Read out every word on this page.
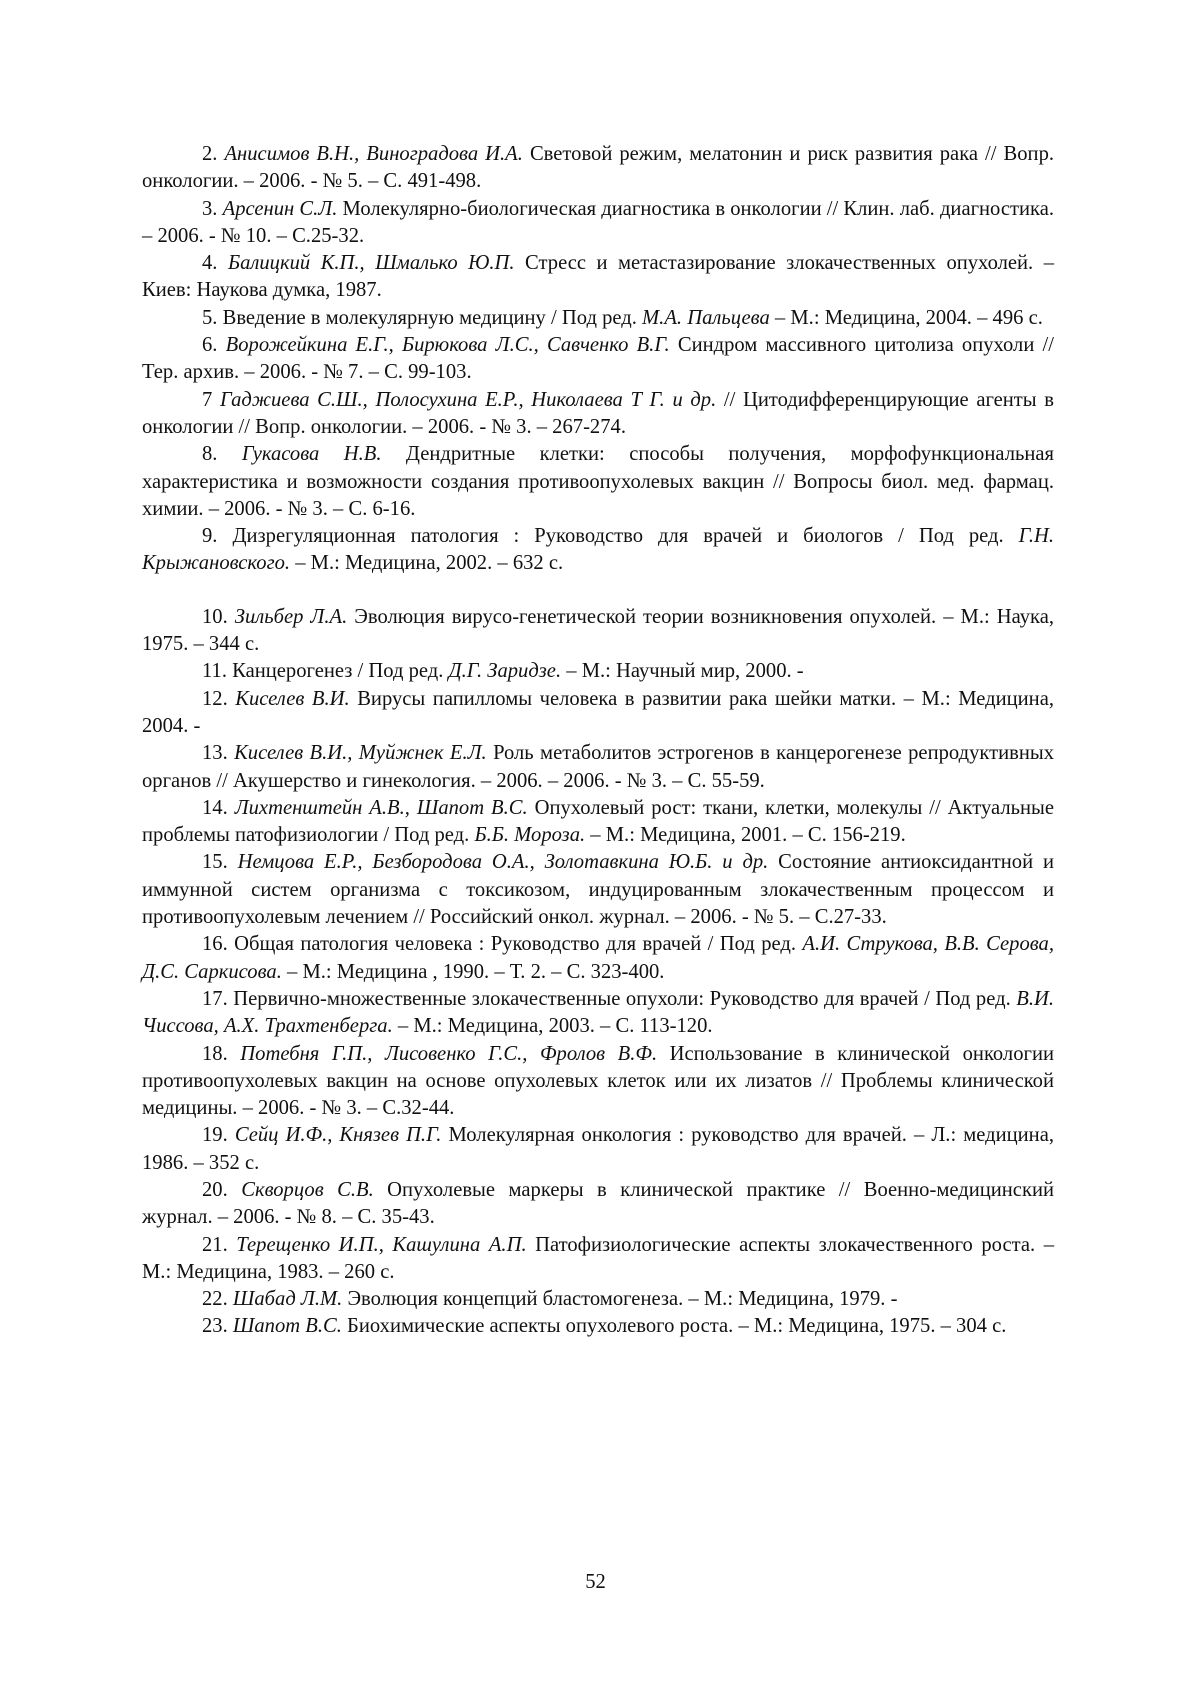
2. Анисимов В.Н., Виноградова И.А. Световой режим, мелатонин и риск развития рака // Вопр. онкологии. – 2006. - № 5. – С. 491-498.

3. Арсенин С.Л. Молекулярно-биологическая диагностика в онкологии // Клин. лаб. диагностика. – 2006. - № 10. – С.25-32.

4. Балицкий К.П., Шмалько Ю.П. Стресс и метастазирование злокачественных опухолей. – Киев: Наукова думка, 1987.

5. Введение в молекулярную медицину / Под ред. М.А. Пальцева – М.: Медицина, 2004. – 496 с.

6. Ворожейкина Е.Г., Бирюкова Л.С., Савченко В.Г. Синдром массивного цитолиза опухоли // Тер. архив. – 2006. - № 7. – С. 99-103.

7 Гаджиева С.Ш., Полосухина Е.Р., Николаева Т Г. и др. // Цитодифференцирующие агенты в онкологии // Вопр. онкологии. – 2006. - № 3. – 267-274.

8. Гукасова Н.В. Дендритные клетки: способы получения, морфофункциональная характеристика и возможности создания противоопухолевых вакцин // Вопросы биол. мед. фармац. химии. – 2006. - № 3. – С. 6-16.

9. Дизрегуляционная патология : Руководство для врачей и биологов / Под ред. Г.Н. Крыжановского. – М.: Медицина, 2002. – 632 с.

10. Зильбер Л.А. Эволюция вирусо-генетической теории возникновения опухолей. – М.: Наука, 1975. – 344 с.

11. Канцерогенез / Под ред. Д.Г. Заридзе. – М.: Научный мир, 2000. -

12. Киселев В.И. Вирусы папилломы человека в развитии рака шейки матки. – М.: Медицина, 2004. -

13. Киселев В.И., Муйжнек Е.Л. Роль метаболитов эстрогенов в канцерогенезе репродуктивных органов // Акушерство и гинекология. – 2006. – 2006. - № 3. – С. 55-59.

14. Лихтенштейн А.В., Шапот В.С. Опухолевый рост: ткани, клетки, молекулы // Актуальные проблемы патофизиологии / Под ред. Б.Б. Мороза. – М.: Медицина, 2001. – С. 156-219.

15. Немцова Е.Р., Безбородова О.А., Золотавкина Ю.Б. и др. Состояние антиоксидантной и иммунной систем организма с токсикозом, индуцированным злокачественным процессом и противоопухолевым лечением // Российский онкол. журнал. – 2006. - № 5. – С.27-33.

16. Общая патология человека : Руководство для врачей / Под ред. А.И. Струкова, В.В. Серова, Д.С. Саркисова. – М.: Медицина , 1990. – Т. 2. – С. 323-400.

17. Первично-множественные злокачественные опухоли: Руководство для врачей / Под ред. В.И. Чиссова, А.Х. Трахтенберга. – М.: Медицина, 2003. – С. 113-120.

18. Потебня Г.П., Лисовенко Г.С., Фролов В.Ф. Использование в клинической онкологии противоопухолевых вакцин на основе опухолевых клеток или их лизатов // Проблемы клинической медицины. – 2006. - № 3. – С.32-44.

19. Сейц И.Ф., Князев П.Г. Молекулярная онкология : руководство для врачей. – Л.: медицина, 1986. – 352 с.

20. Скворцов С.В. Опухолевые маркеры в клинической практике // Военно-медицинский журнал. – 2006. - № 8. – С. 35-43.

21. Терещенко И.П., Кашулина А.П. Патофизиологические аспекты злокачественного роста. – М.: Медицина, 1983. – 260 с.

22. Шабад Л.М. Эволюция концепций бластомогенеза. – М.: Медицина, 1979. -

23. Шапот В.С. Биохимические аспекты опухолевого роста. – М.: Медицина, 1975. – 304 с.

52
